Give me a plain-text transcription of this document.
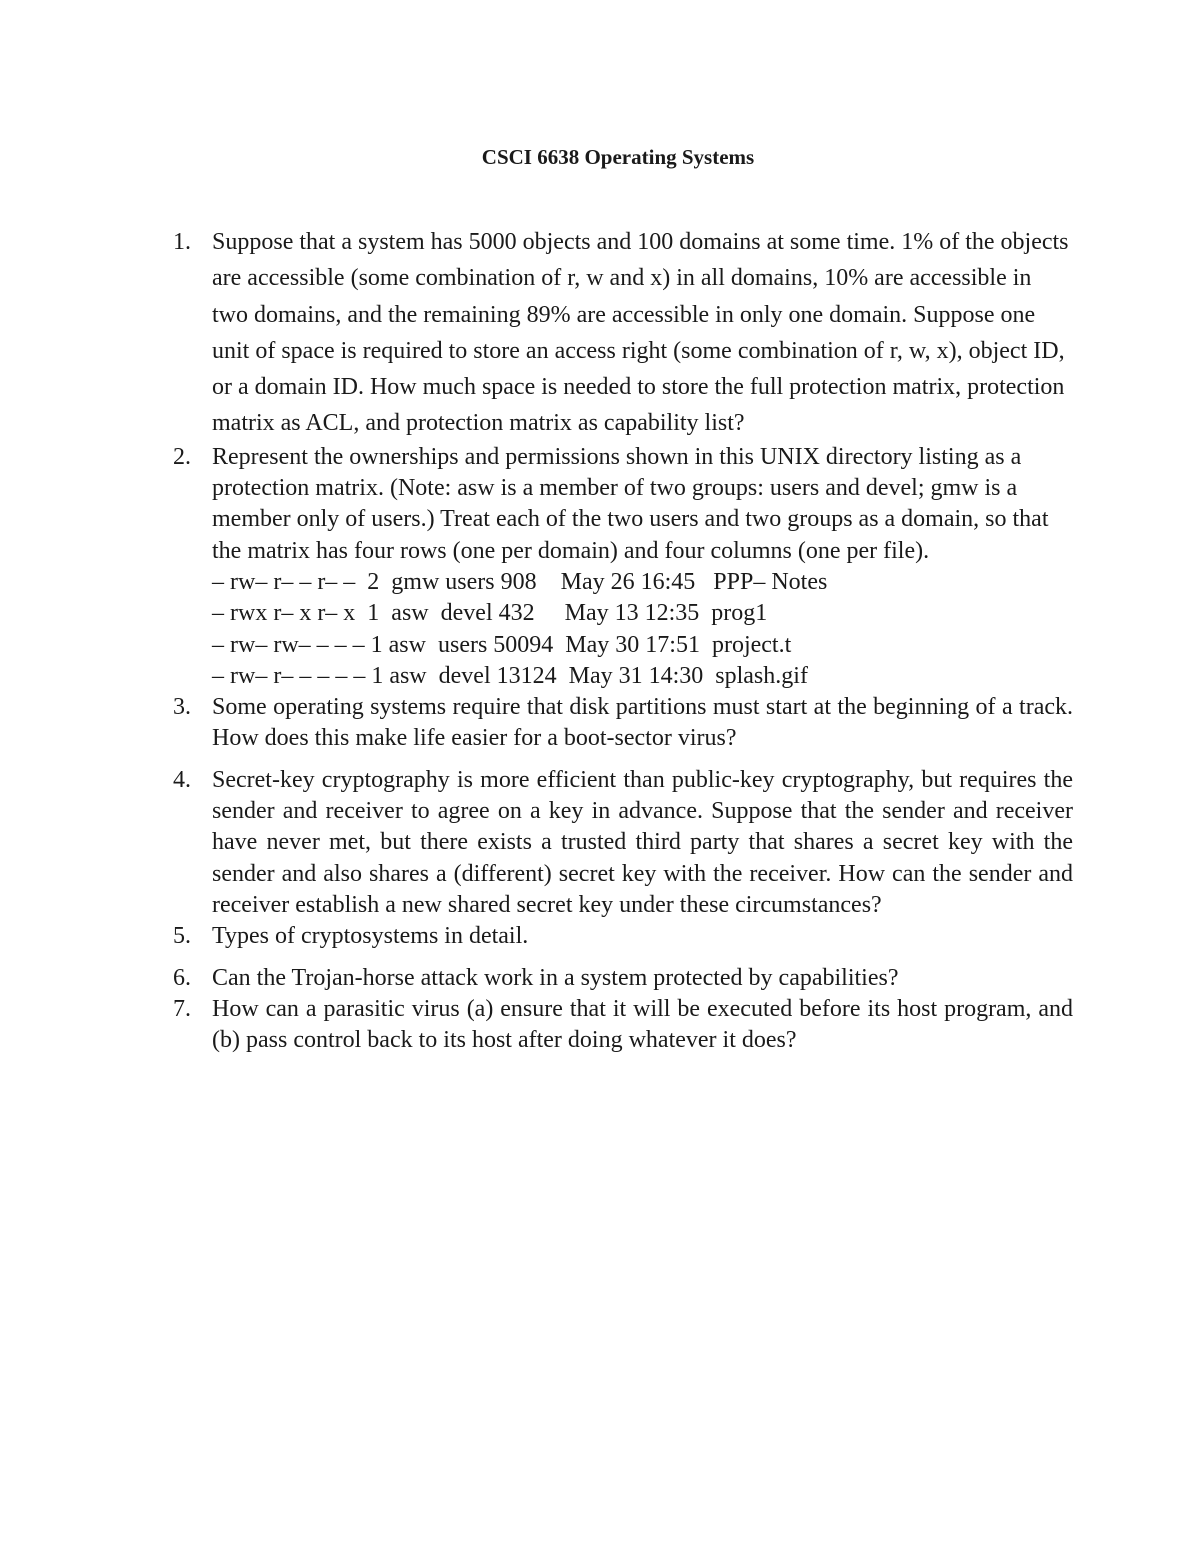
CSCI 6638 Operating Systems
1. Suppose that a system has 5000 objects and 100 domains at some time. 1% of the objects are accessible (some combination of r, w and x) in all domains, 10% are accessible in two domains, and the remaining 89% are accessible in only one domain. Suppose one unit of space is required to store an access right (some combination of r, w, x), object ID, or a domain ID. How much space is needed to store the full protection matrix, protection matrix as ACL, and protection matrix as capability list?
2. Represent the ownerships and permissions shown in this UNIX directory listing as a protection matrix. (Note: asw is a member of two groups: users and devel; gmw is a member only of users.) Treat each of the two users and two groups as a domain, so that the matrix has four rows (one per domain) and four columns (one per file).
– rw– r– – r– –  2  gmw users 908    May 26 16:45   PPP– Notes
– rwx r– x r– x  1  asw  devel 432     May 13 12:35  prog1
– rw– rw– – – – 1 asw  users 50094  May 30 17:51  project.t
– rw– r– – – – – 1 asw  devel 13124  May 31 14:30  splash.gif
3. Some operating systems require that disk partitions must start at the beginning of a track. How does this make life easier for a boot-sector virus?
4. Secret-key cryptography is more efficient than public-key cryptography, but requires the sender and receiver to agree on a key in advance. Suppose that the sender and receiver have never met, but there exists a trusted third party that shares a secret key with the sender and also shares a (different) secret key with the receiver. How can the sender and receiver establish a new shared secret key under these circumstances?
5. Types of cryptosystems in detail.
6. Can the Trojan-horse attack work in a system protected by capabilities?
7. How can a parasitic virus (a) ensure that it will be executed before its host program, and (b) pass control back to its host after doing whatever it does?
